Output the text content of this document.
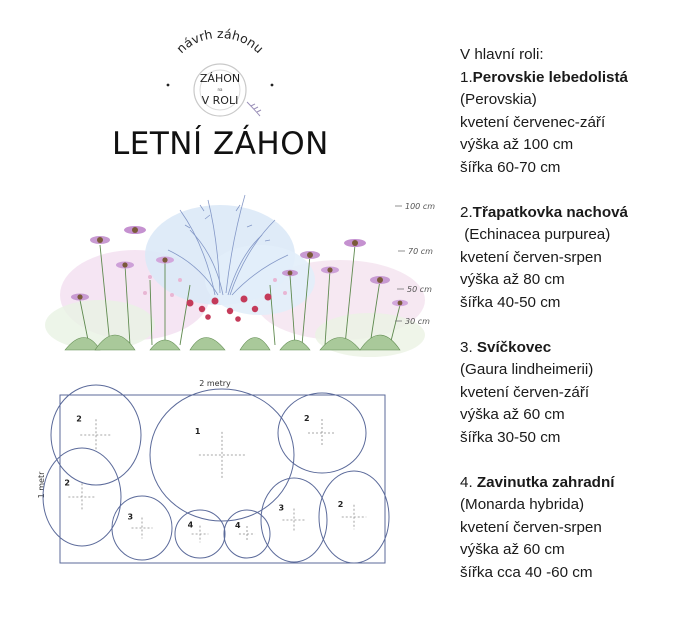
návrh záhonu
ZÁHON
na
V ROLI
LETNÍ ZÁHON
100 cm
70 cm
50 cm
30 cm
2 metry
1 metr
2
1
2
2
3
4	4
3	2
V hlavní roli:
1.Perovskie lebedolistá
(Perovskia)
kvetení červenec-září
výška až 100 cm
šířka 60-70 cm
2.Třapatkovka nachová
(Echinacea purpurea)
kvetení červen-srpen
výška až 80 cm
šířka 40-50 cm
3. Svíčkovec
(Gaura lindheimerii)
kvetení červen-září
výška až 60 cm
šířka 30-50 cm
4. Zavinutka zahradní
(Monarda hybrida)
kvetení červen-srpen
výška až 60 cm
šířka cca 40 -60 cm
